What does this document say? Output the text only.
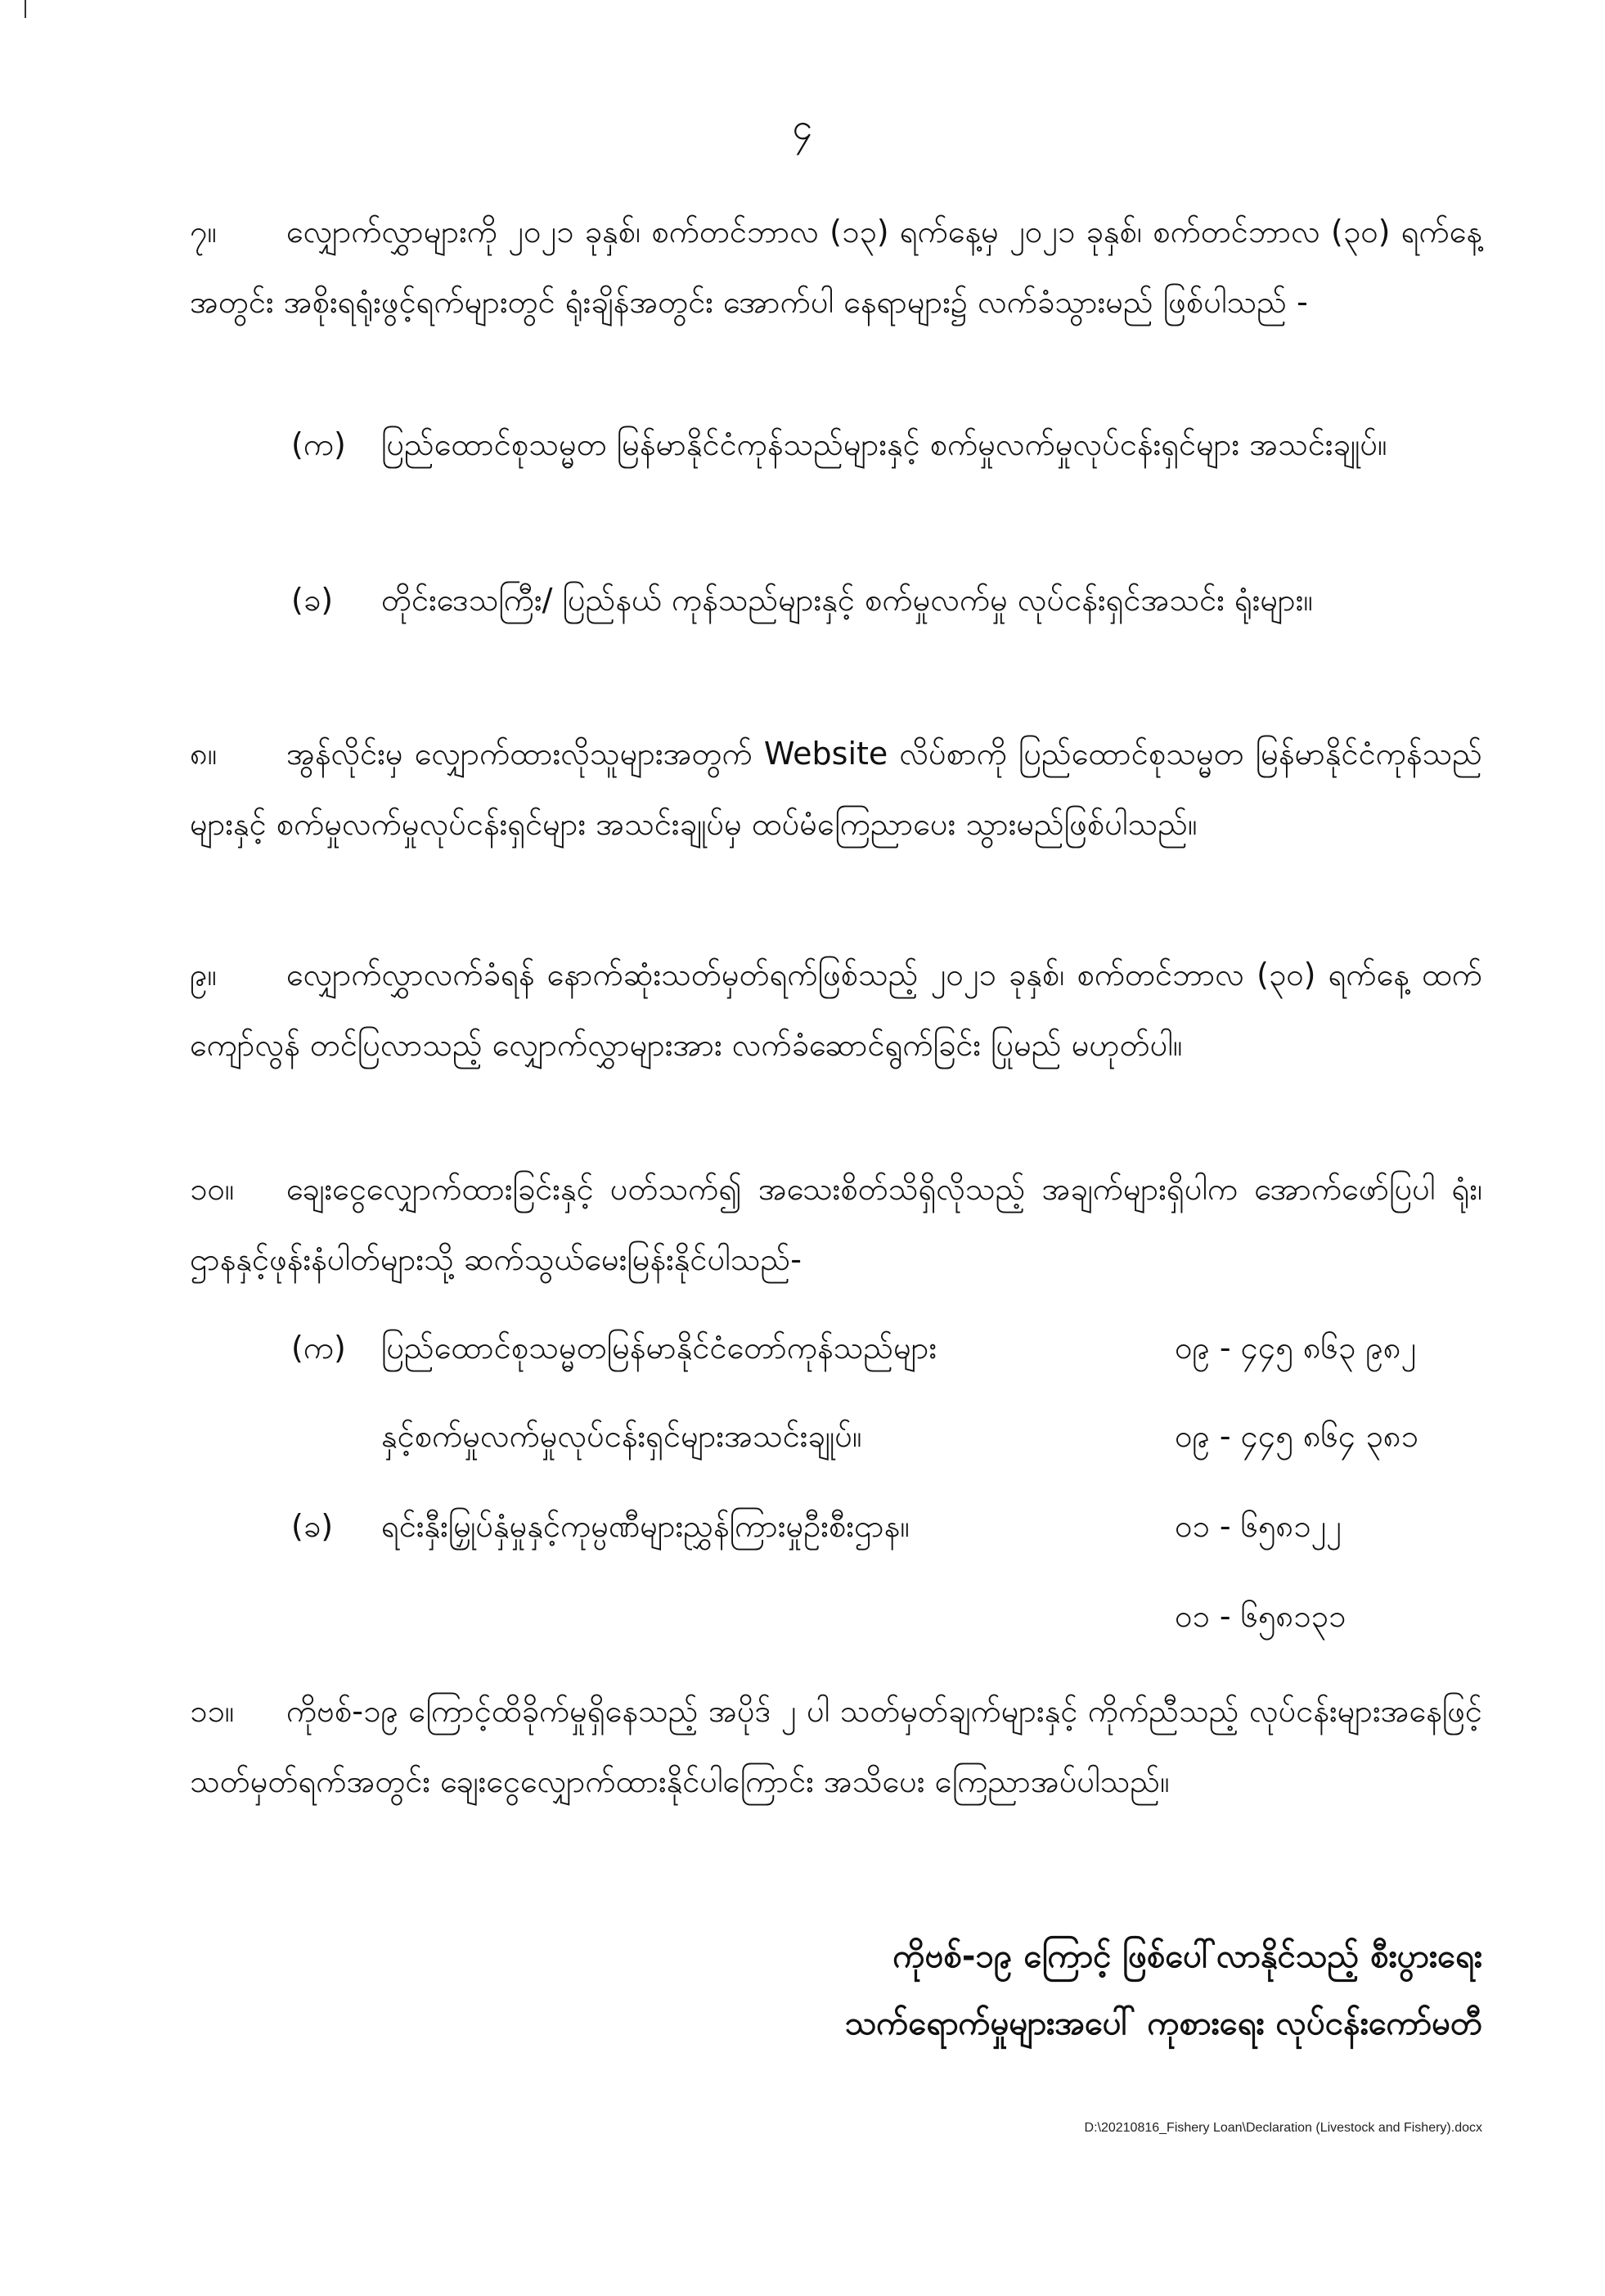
၄
၇။ လျှောက်လွှာများကို ၂၀၂၁ ခုနှစ်၊ စက်တင်ဘာလ (၁၃) ရက်နေ့မှ ၂၀၂၁ ခုနှစ်၊ စက်တင်ဘာလ (၃၀) ရက်နေ့အတွင်း အစိုးရရုံးဖွင့်ရက်များတွင် ရုံးချိန်အတွင်း အောက်ပါ နေရာများ၌ လက်ခံသွားမည် ဖြစ်ပါသည် -
(က)	ပြည်ထောင်စုသမ္မတ မြန်မာနိုင်ငံကုန်သည်များနှင့် စက်မှုလက်မှုလုပ်ငန်းရှင်များ အသင်းချုပ်။
(ခ)	တိုင်းဒေသကြီး/ ပြည်နယ် ကုန်သည်များနှင့် စက်မှုလက်မှု လုပ်ငန်းရှင်အသင်း ရုံးများ။
၈။ အွန်လိုင်းမှ လျှောက်ထားလိုသူများအတွက် Website လိပ်စာကို ပြည်ထောင်စုသမ္မတ မြန်မာနိုင်ငံကုန်သည်များနှင့် စက်မှုလက်မှုလုပ်ငန်းရှင်များ အသင်းချုပ်မှ ထပ်မံကြေညာပေး သွားမည်ဖြစ်ပါသည်။
၉။ လျှောက်လွှာလက်ခံရန် နောက်ဆုံးသတ်မှတ်ရက်ဖြစ်သည့် ၂၀၂၁ ခုနှစ်၊ စက်တင်ဘာလ (၃၀) ရက်နေ့ ထက်ကျော်လွန် တင်ပြလာသည့် လျှောက်လွှာများအား လက်ခံဆောင်ရွက်ခြင်း ပြုမည် မဟုတ်ပါ။
၁၀။ ချေးငွေလျှောက်ထားခြင်းနှင့် ပတ်သက်၍ အသေးစိတ်သိရှိလိုသည့် အချက်များရှိပါက အောက်ဖော်ပြပါ ရုံး၊ ဌာနနှင့်ဖုန်းနံပါတ်များသို့ ဆက်သွယ်မေးမြန်းနိုင်ပါသည်-
(က) ပြည်ထောင်စုသမ္မတမြန်မာနိုင်ငံတော်ကုန်သည်များ	၀၉ - ၄၄၅ ၈၆၃ ၉၈၂
နှင့်စက်မှုလက်မှုလုပ်ငန်းရှင်များအသင်းချုပ်။	၀၉ - ၄၄၅ ၈၆၄ ၃၈၁
(ခ) ရင်းနှီးမြှုပ်နှံမှုနှင့်ကုမ္ပဏီများညွှန်ကြားမှုဦးစီးဌာန။	၀၁ - ၆၅၈၁၂၂
၀၁ - ၆၅၈၁၃၁
၁၁။ ကိုဗစ်-၁၉ ကြောင့်ထိခိုက်မှုရှိနေသည့် အပိုဒ် ၂ ပါ သတ်မှတ်ချက်များနှင့် ကိုက်ညီသည့် လုပ်ငန်းများအနေဖြင့် သတ်မှတ်ရက်အတွင်း ချေးငွေလျှောက်ထားနိုင်ပါကြောင်း အသိပေး ကြေညာအပ်ပါသည်။
ကိုဗစ်-၁၉ ကြောင့် ဖြစ်ပေါ်လာနိုင်သည့် စီးပွားရေး
သက်ရောက်မှုများအပေါ် ကုစားရေး လုပ်ငန်းကော်မတီ
D:\20210816_Fishery Loan\Declaration (Livestock and Fishery).docx
